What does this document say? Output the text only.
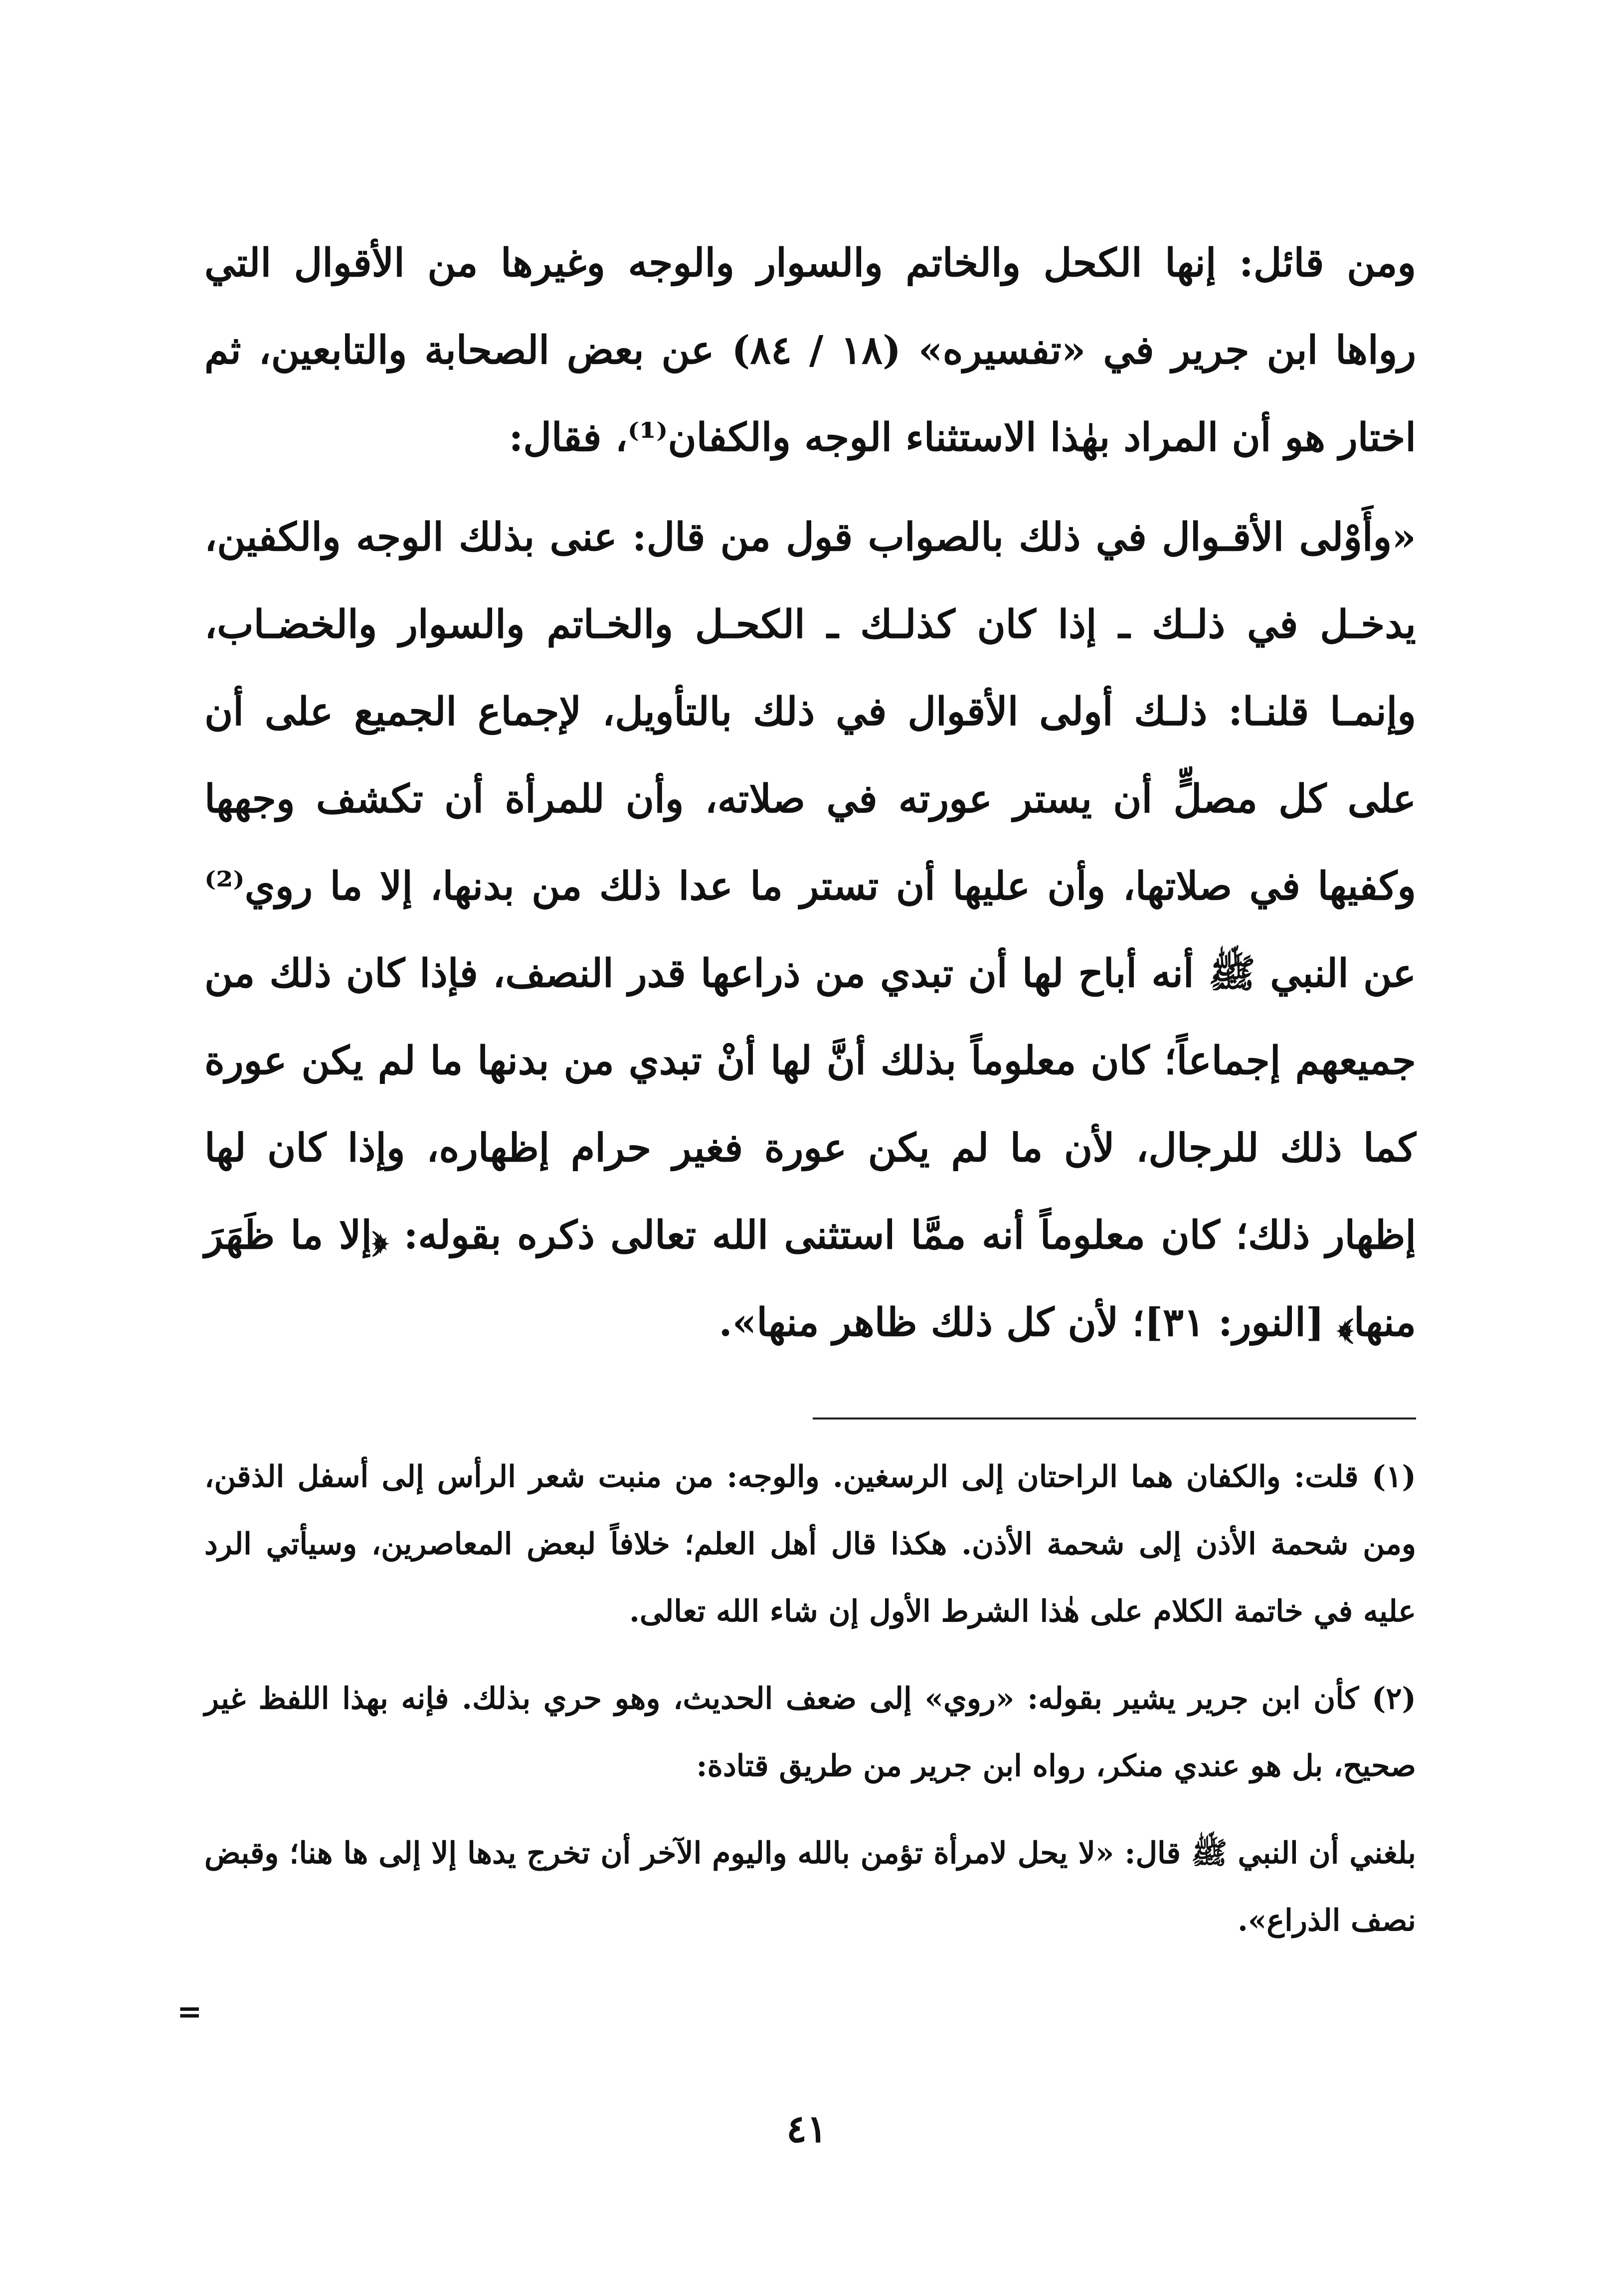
ومن قائل: إنها الكحل والخاتم والسوار والوجه وغيرها من الأقوال التي رواها ابن جرير في «تفسيره» (١٨ / ٨٤) عن بعض الصحابة والتابعين، ثم اختار هو أن المراد بهٰذا الاستثناء الوجه والكفان⁽¹⁾، فقال:

«وأَوْلى الأقـوال في ذلك بالصواب قول من قال: عنى بذلك الوجه والكفين، يدخـل في ذلـك ـ إذا كان كذلـك ـ الكحـل والخـاتم والسوار والخضـاب، وإنمـا قلنـا: ذلـك أولى الأقوال في ذلك بالتأويل، لإجماع الجميع على أن على كل مصلٍّ أن يستر عورته في صلاته، وأن للمرأة أن تكشف وجهها وكفيها في صلاتها، وأن عليها أن تستر ما عدا ذلك من بدنها، إلا ما روي⁽²⁾ عن النبي ﷺ أنه أباح لها أن تبدي من ذراعها قدر النصف، فإذا كان ذلك من جميعهم إجماعاً؛ كان معلوماً بذلك أنَّ لها أنْ تبدي من بدنها ما لم يكن عورة كما ذلك للرجال، لأن ما لم يكن عورة فغير حرام إظهاره، وإذا كان لها إظهار ذلك؛ كان معلوماً أنه ممَّا استثنى الله تعالى ذكره بقوله: ﴿إلا ما ظَهَرَ منها﴾ [النور: ٣١]؛ لأن كل ذلك ظاهر منها».

(١) قلت: والكفان هما الراحتان إلى الرسغين. والوجه: من منبت شعر الرأس إلى أسفل الذقن، ومن شحمة الأذن إلى شحمة الأذن. هكذا قال أهل العلم؛ خلافاً لبعض المعاصرين، وسيأتي الرد عليه في خاتمة الكلام على هٰذا الشرط الأول إن شاء الله تعالى.

(٢) كأن ابن جرير يشير بقوله: «روي» إلى ضعف الحديث، وهو حري بذلك. فإنه بهذا اللفظ غير صحيح، بل هو عندي منكر، رواه ابن جرير من طريق قتادة:

بلغني أن النبي ﷺ قال: «لا يحل لامرأة تؤمن بالله واليوم الآخر أن تخرج يدها إلا إلى ها هنا؛ وقبض نصف الذراع».

=
٤١
